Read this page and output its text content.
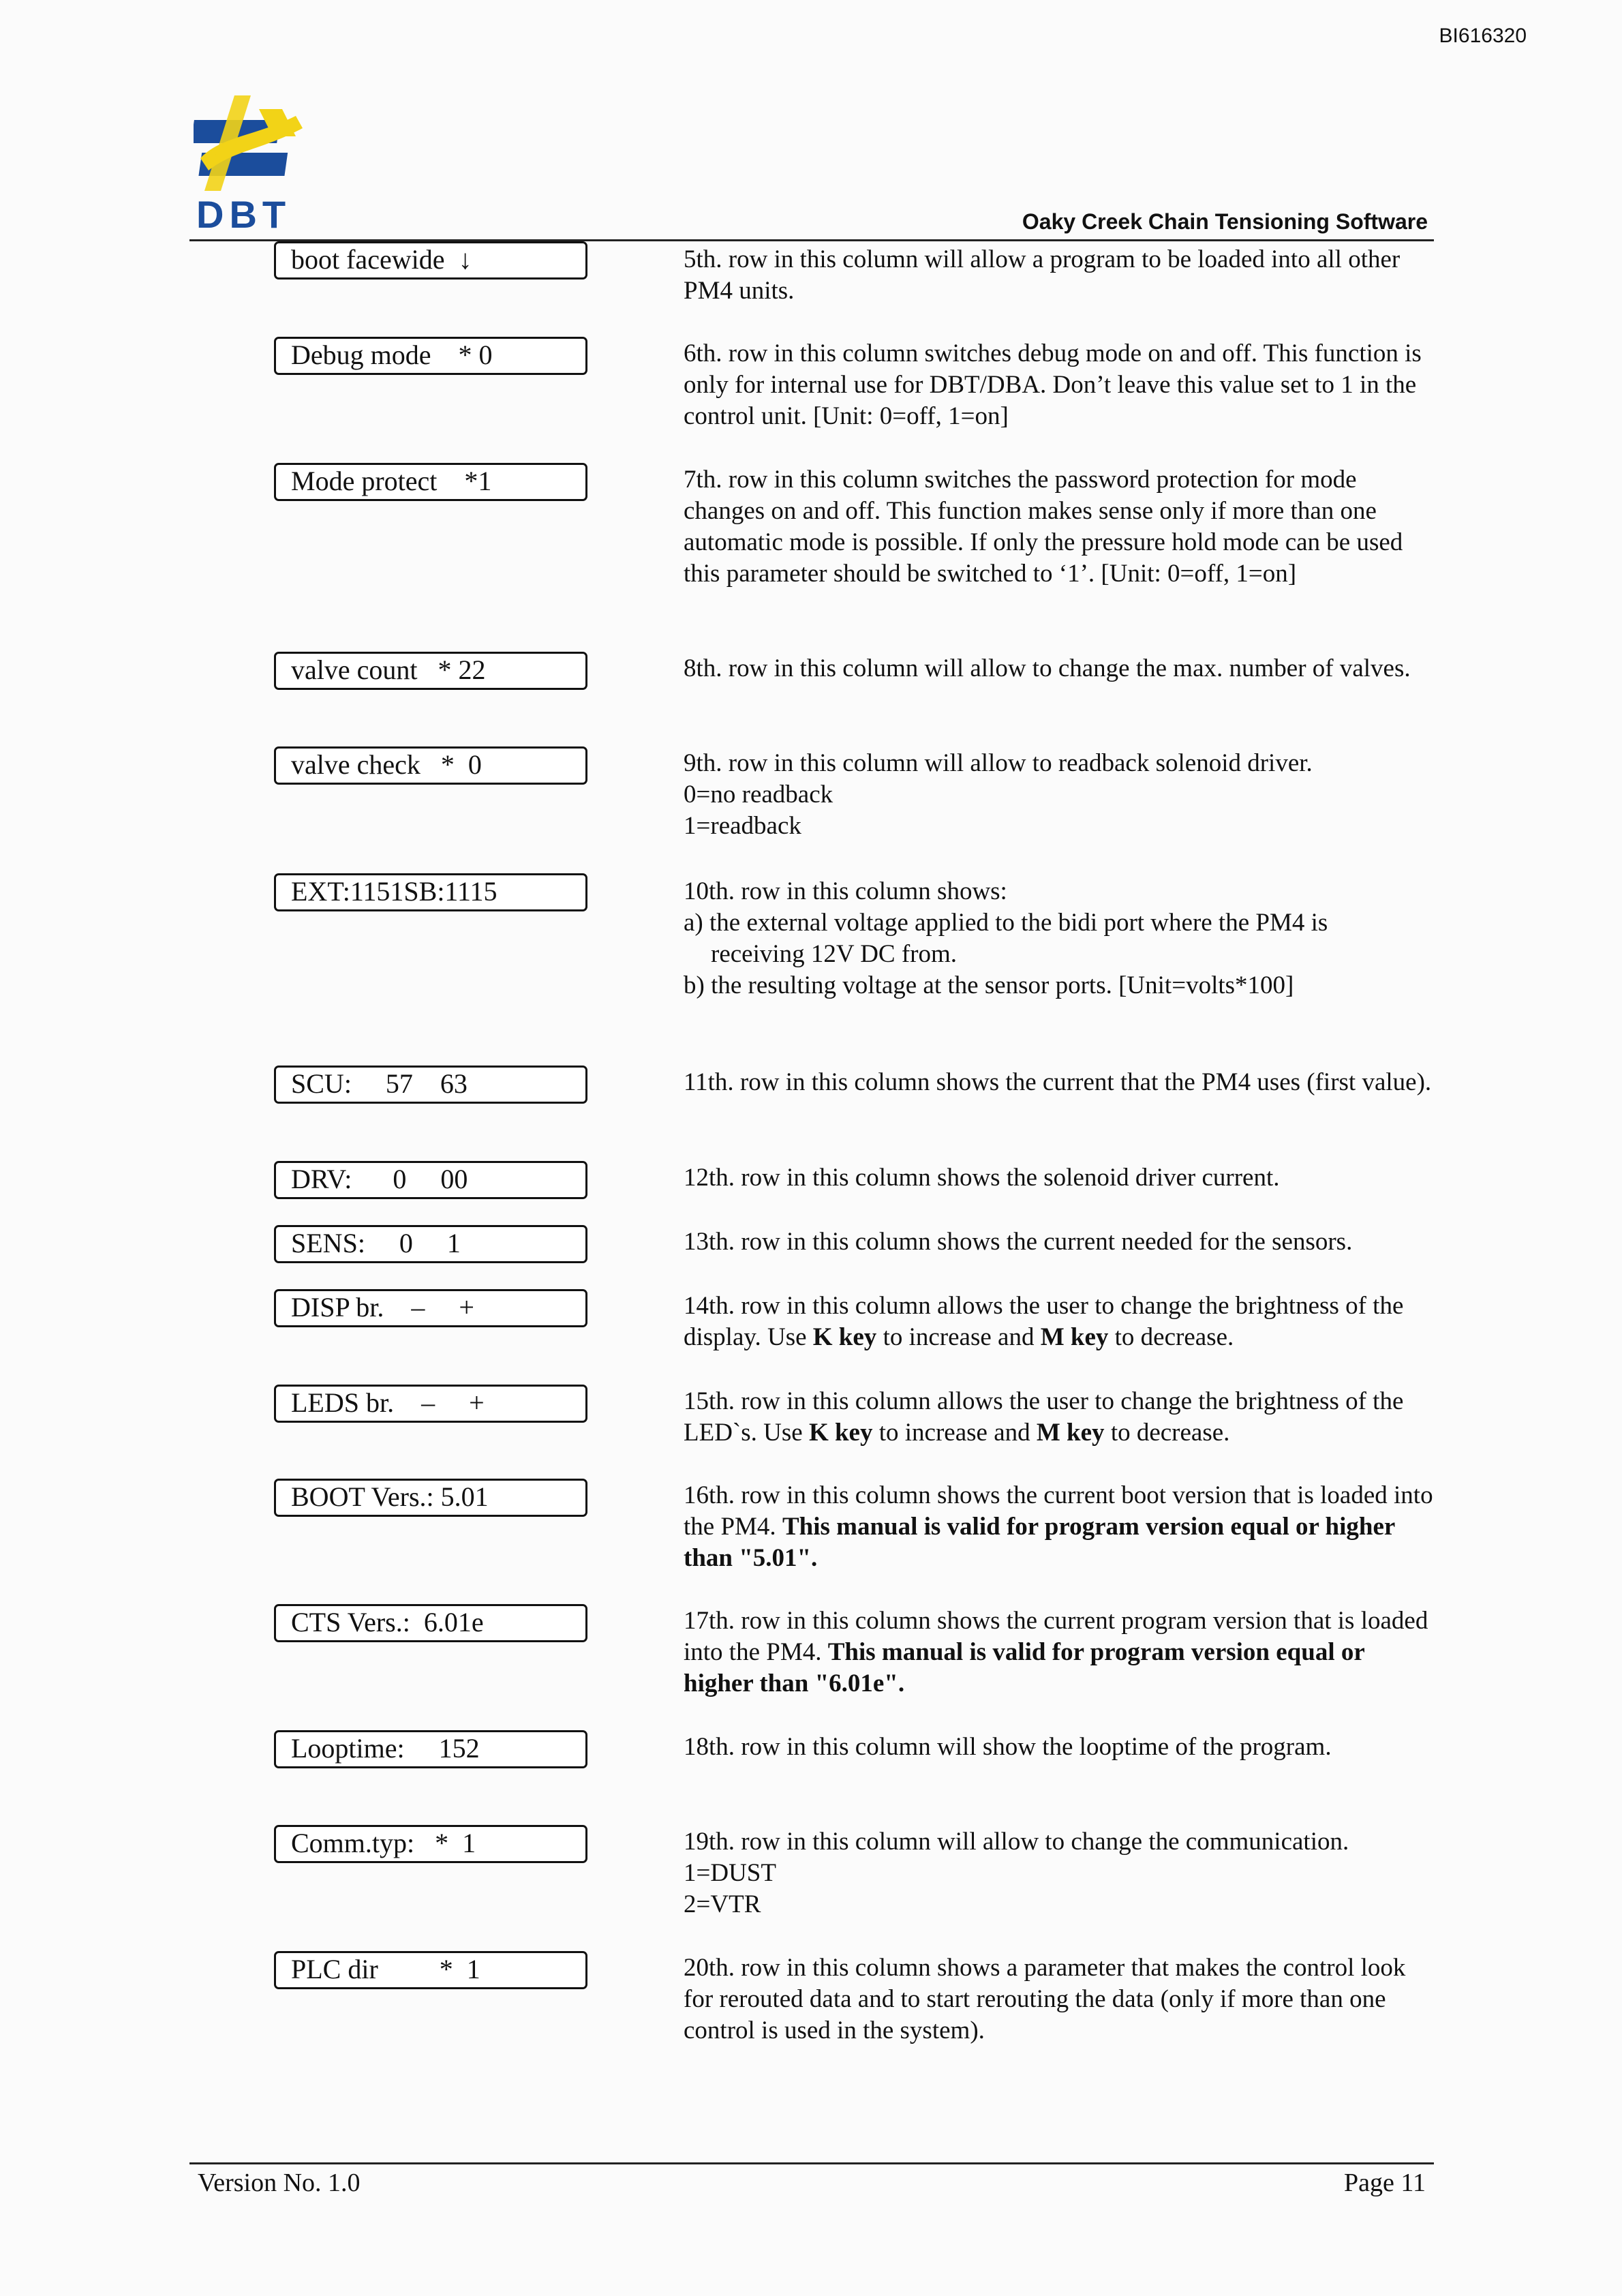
BI616320
DBT	Oaky Creek Chain Tensioning Software
boot facewide  ↓	5th. row in this column will allow a program to be loaded into all other PM4 units.

Debug mode    * 0	6th. row in this column switches debug mode on and off. This function is only for internal use for DBT/DBA. Don’t leave this value set to 1 in the control unit. [Unit: 0=off, 1=on]

Mode protect    *1	7th. row in this column switches the password protection for mode changes on and off. This function makes sense only if more than one automatic mode is possible. If only the pressure hold mode can be used this parameter should be switched to ‘1’. [Unit: 0=off, 1=on]

valve count   * 22	8th. row in this column will allow to change the max. number of valves.

valve check   *  0	9th. row in this column will allow to readback solenoid driver.

0=no readback

1=readback

EXT:1151SB:1115	10th. row in this column shows:

a) the external voltage applied to the bidi port where the PM4 is

receiving 12V DC from.

b) the resulting voltage at the sensor ports. [Unit=volts*100]

SCU:     57    63	11th. row in this column shows the current that the PM4 uses (first value).

DRV:      0     00	12th. row in this column shows the solenoid driver current.

SENS:     0     1	13th. row in this column shows the current needed for the sensors.

DISP br.    –     +	14th. row in this column allows the user to change the brightness of the display. Use K key to increase and M key to decrease.

LEDS br.    –     +	15th. row in this column allows the user to change the brightness of the LED`s. Use K key to increase and M key to decrease.

BOOT Vers.: 5.01	16th. row in this column shows the current boot version that is loaded into the PM4. This manual is valid for program version equal or higher than "5.01".

CTS Vers.:  6.01e	17th. row in this column shows the current program version that is loaded into the PM4. This manual is valid for program version equal or higher than "6.01e".

Looptime:     152	18th. row in this column will show the looptime of the program.

Comm.typ:   *  1	19th. row in this column will allow to change the communication.

1=DUST

2=VTR

PLC dir         *  1	20th. row in this column shows a parameter that makes the control look for rerouted data and to start rerouting the data (only if more than one control is used in the system).

Version No. 1.0	Page 11
